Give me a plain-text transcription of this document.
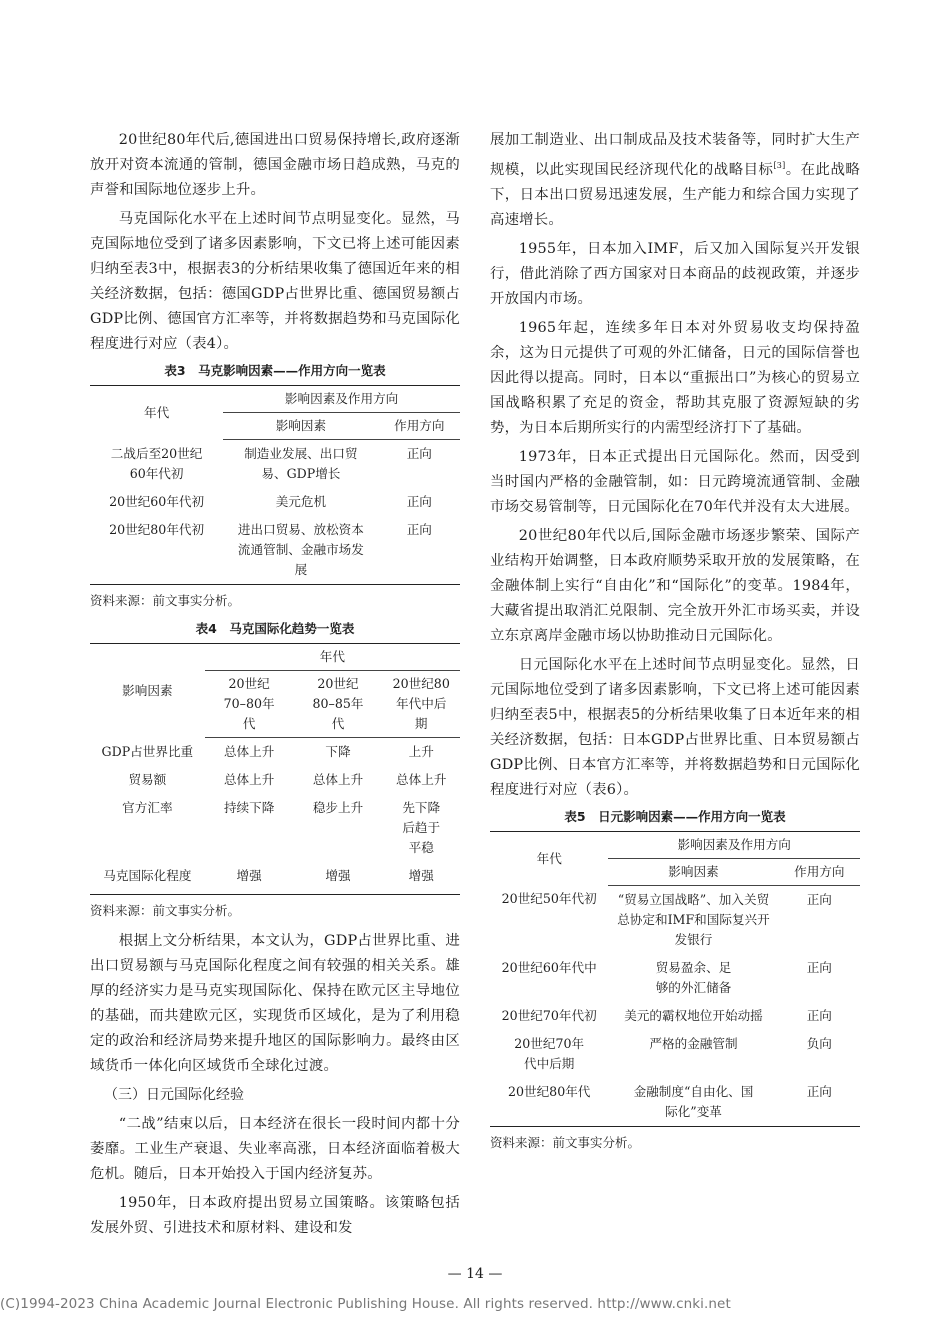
20世纪80年代后,德国进出口贸易保持增长,政府逐渐放开对资本流通的管制，德国金融市场日趋成熟，马克的声誉和国际地位逐步上升。

马克国际化水平在上述时间节点明显变化。显然，马克国际地位受到了诸多因素影响，下文已将上述可能因素归纳至表3中，根据表3的分析结果收集了德国近年来的相关经济数据，包括：德国GDP占世界比重、德国贸易额占GDP比例、德国官方汇率等，并将数据趋势和马克国际化程度进行对应（表4）。

表3　马克影响因素——作用方向一览表
年代	影响因素及作用方向	
	影响因素	作用方向
二战后至20世纪60年代初	制造业发展、出口贸易、GDP增长	正向
20世纪60年代初	美元危机	正向
20世纪80年代初	进出口贸易、放松资本流通管制、金融市场发展	正向
资料来源：前文事实分析。
表4　马克国际化趋势一览表
影响因素	年代		
	20世纪70–80年代	20世纪80–85年代	20世纪80年代中后期
GDP占世界比重	总体上升	下降	上升
贸易额	总体上升	总体上升	总体上升
官方汇率	持续下降	稳步上升	先下降后趋于平稳
马克国际化程度	增强	增强	增强
资料来源：前文事实分析。

根据上文分析结果，本文认为，GDP占世界比重、进出口贸易额与马克国际化程度之间有较强的相关关系。雄厚的经济实力是马克实现国际化、保持在欧元区主导地位的基础，而共建欧元区，实现货币区域化，是为了利用稳定的政治和经济局势来提升地区的国际影响力。最终由区域货币一体化向区域货币全球化过渡。

（三）日元国际化经验

“二战”结束以后，日本经济在很长一段时间内都十分萎靡。工业生产衰退、失业率高涨，日本经济面临着极大危机。随后，日本开始投入于国内经济复苏。

1950年，日本政府提出贸易立国策略。该策略包括发展外贸、引进技术和原材料、建设和发

展加工制造业、出口制成品及技术装备等，同时扩大生产规模，以此实现国民经济现代化的战略目标[3]。在此战略下，日本出口贸易迅速发展，生产能力和综合国力实现了高速增长。

1955年，日本加入IMF，后又加入国际复兴开发银行，借此消除了西方国家对日本商品的歧视政策，并逐步开放国内市场。

1965年起，连续多年日本对外贸易收支均保持盈余，这为日元提供了可观的外汇储备，日元的国际信誉也因此得以提高。同时，日本以“重振出口”为核心的贸易立国战略积累了充足的资金，帮助其克服了资源短缺的劣势，为日本后期所实行的内需型经济打下了基础。

1973年，日本正式提出日元国际化。然而，因受到当时国内严格的金融管制，如：日元跨境流通管制、金融市场交易管制等，日元国际化在70年代并没有太大进展。

20世纪80年代以后,国际金融市场逐步繁荣、国际产业结构开始调整，日本政府顺势采取开放的发展策略，在金融体制上实行“自由化”和“国际化”的变革。1984年，大藏省提出取消汇兑限制、完全放开外汇市场买卖，并设立东京离岸金融市场以协助推动日元国际化。

日元国际化水平在上述时间节点明显变化。显然，日元国际地位受到了诸多因素影响，下文已将上述可能因素归纳至表5中，根据表5的分析结果收集了日本近年来的相关经济数据，包括：日本GDP占世界比重、日本贸易额占GDP比例、日本官方汇率等，并将数据趋势和日元国际化程度进行对应（表6）。

表5　日元影响因素——作用方向一览表
年代	影响因素及作用方向	
	影响因素	作用方向
20世纪50年代初	“贸易立国战略”、加入关贸总协定和IMF和国际复兴开发银行	正向
20世纪60年代中	贸易盈余、足够的外汇储备	正向
20世纪70年代初	美元的霸权地位开始动摇	正向
20世纪70年代中后期	严格的金融管制	负向
20世纪80年代	金融制度“自由化、国际化”变革	正向
资料来源：前文事实分析。
— 14 —
(C)1994-2023 China Academic Journal Electronic Publishing House. All rights reserved. http://www.cnki.net
